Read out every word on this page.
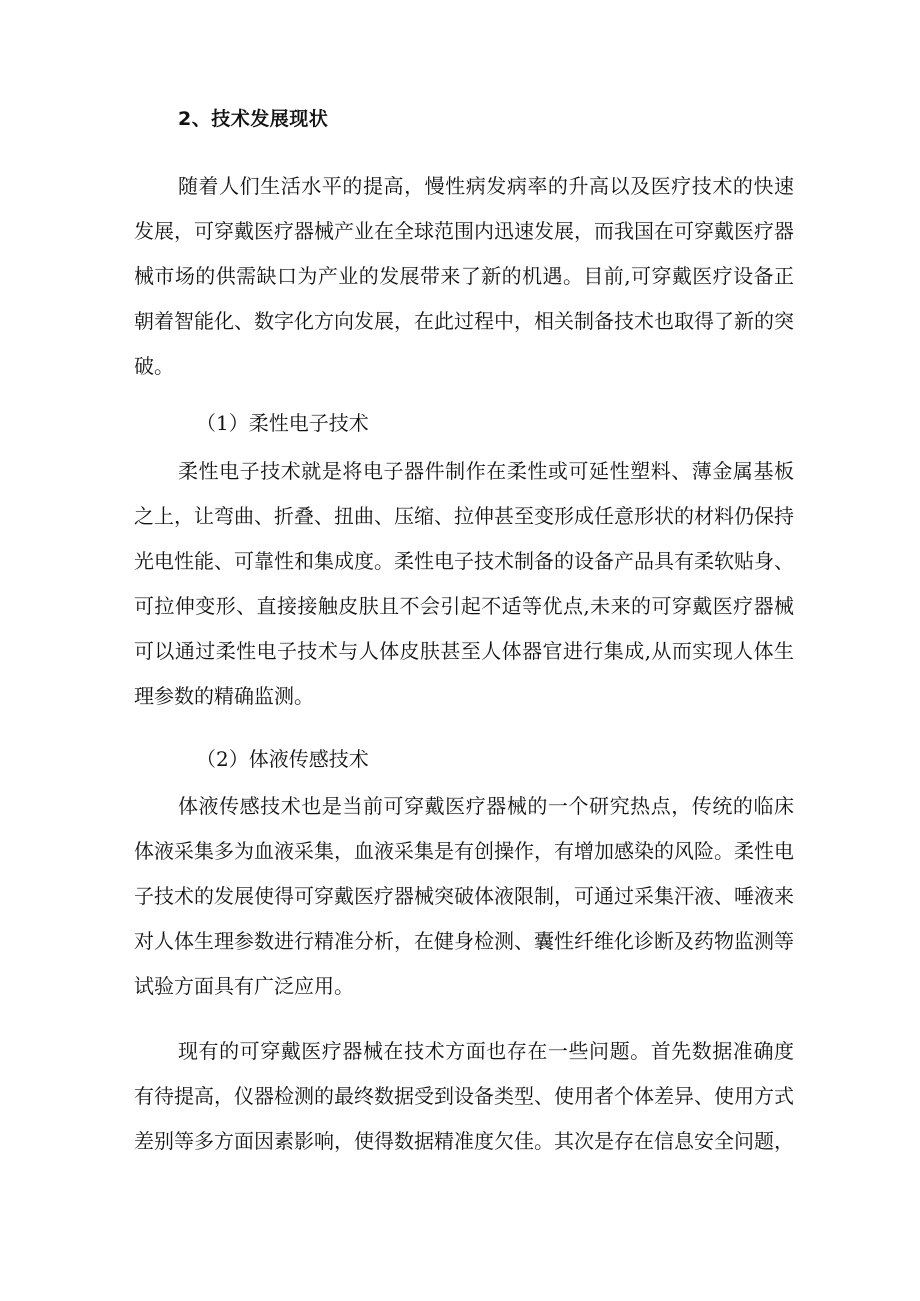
2、技术发展现状
随着人们生活水平的提高，慢性病发病率的升高以及医疗技术的快速
发展，可穿戴医疗器械产业在全球范围内迅速发展，而我国在可穿戴医疗器
械市场的供需缺口为产业的发展带来了新的机遇。目前,可穿戴医疗设备正
朝着智能化、数字化方向发展，在此过程中，相关制备技术也取得了新的突
破。
（1）柔性电子技术
柔性电子技术就是将电子器件制作在柔性或可延性塑料、薄金属基板
之上，让弯曲、折叠、扭曲、压缩、拉伸甚至变形成任意形状的材料仍保持
光电性能、可靠性和集成度。柔性电子技术制备的设备产品具有柔软贴身、
可拉伸变形、直接接触皮肤且不会引起不适等优点,未来的可穿戴医疗器械
可以通过柔性电子技术与人体皮肤甚至人体器官进行集成,从而实现人体生
理参数的精确监测。
（2）体液传感技术
体液传感技术也是当前可穿戴医疗器械的一个研究热点，传统的临床
体液采集多为血液采集，血液采集是有创操作，有增加感染的风险。柔性电
子技术的发展使得可穿戴医疗器械突破体液限制，可通过采集汗液、唾液来
对人体生理参数进行精准分析，在健身检测、囊性纤维化诊断及药物监测等
试验方面具有广泛应用。
现有的可穿戴医疗器械在技术方面也存在一些问题。首先数据准确度
有待提高，仪器检测的最终数据受到设备类型、使用者个体差异、使用方式
差别等多方面因素影响，使得数据精准度欠佳。其次是存在信息安全问题，
